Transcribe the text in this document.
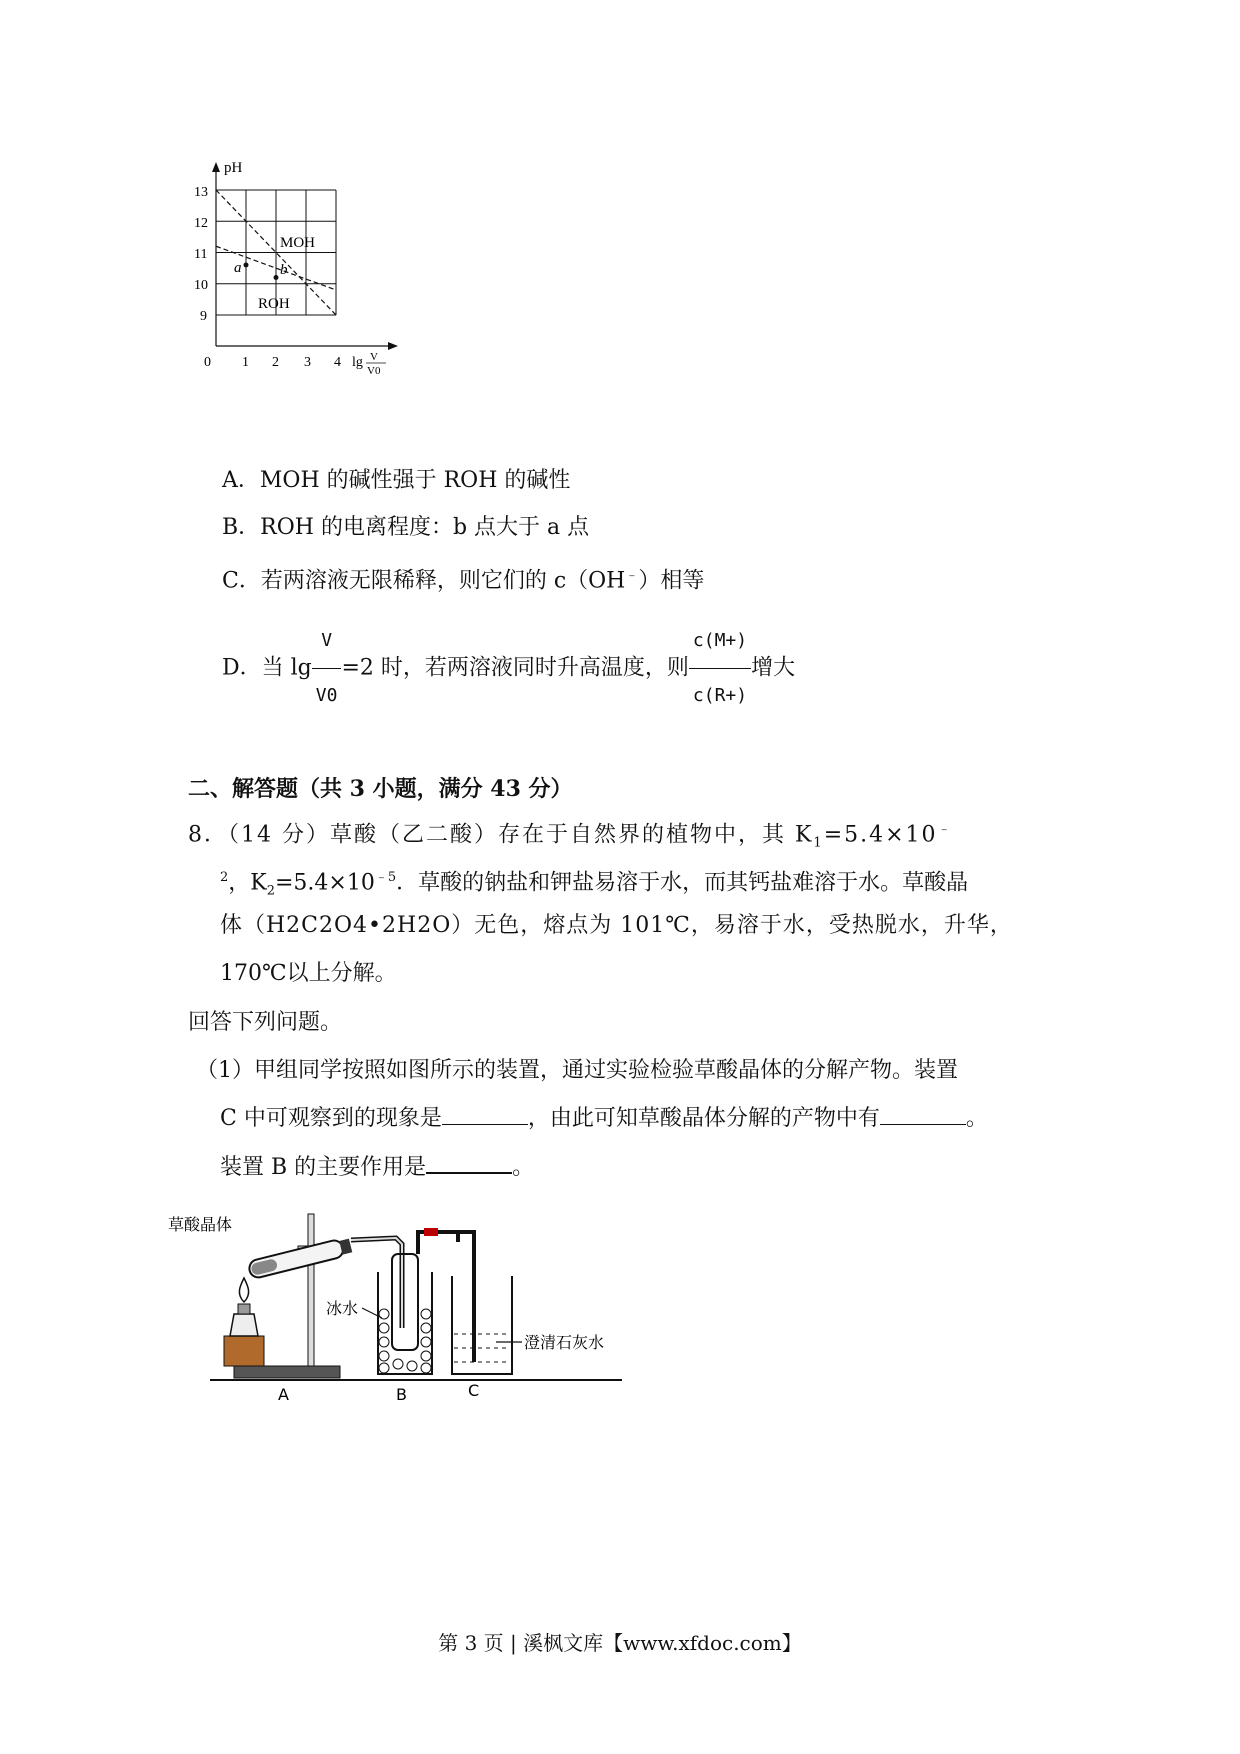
pH
13
12
11
10
9
0 1 2 3 4 lg V
V0
MOH
ROH
a	b
A．MOH 的碱性强于 ROH 的碱性
B．ROH 的电离程度：b 点大于 a 点
C．若两溶液无限稀释，则它们的 c（OH﹣）相等
D．当 $\lg \frac{V}{V0} =2$ 时，若两溶液同时升高温度，则 $\frac{c(M+)}{c(R+)}$ 增大
二、解答题（共 3 小题，满分 43 分）
8．（14 分）草酸（乙二酸）存在于自然界的植物中，其 $K_1=5.4\times 10^﹣$
$^2$，$K_2=5.4\times 10^{﹣5}$．草酸的钠盐和钾盐易溶于水，而其钙盐难溶于水。草酸晶
体（H2C2O4•2H2O）无色，熔点为 101℃，易溶于水，受热脱水，升华，
170℃以上分解。
回答下列问题。
（1）甲组同学按照如图所示的装置，通过实验检验草酸晶体的分解产物。装置
C 中可观察到的现象是	，由此可知草酸晶体分解的产物中有	。
装置 B 的主要作用是	。
草酸晶体
冰水
澄清石灰水
A	B	C
第 3 页 | 溪枫文库【www.xfdoc.com】
